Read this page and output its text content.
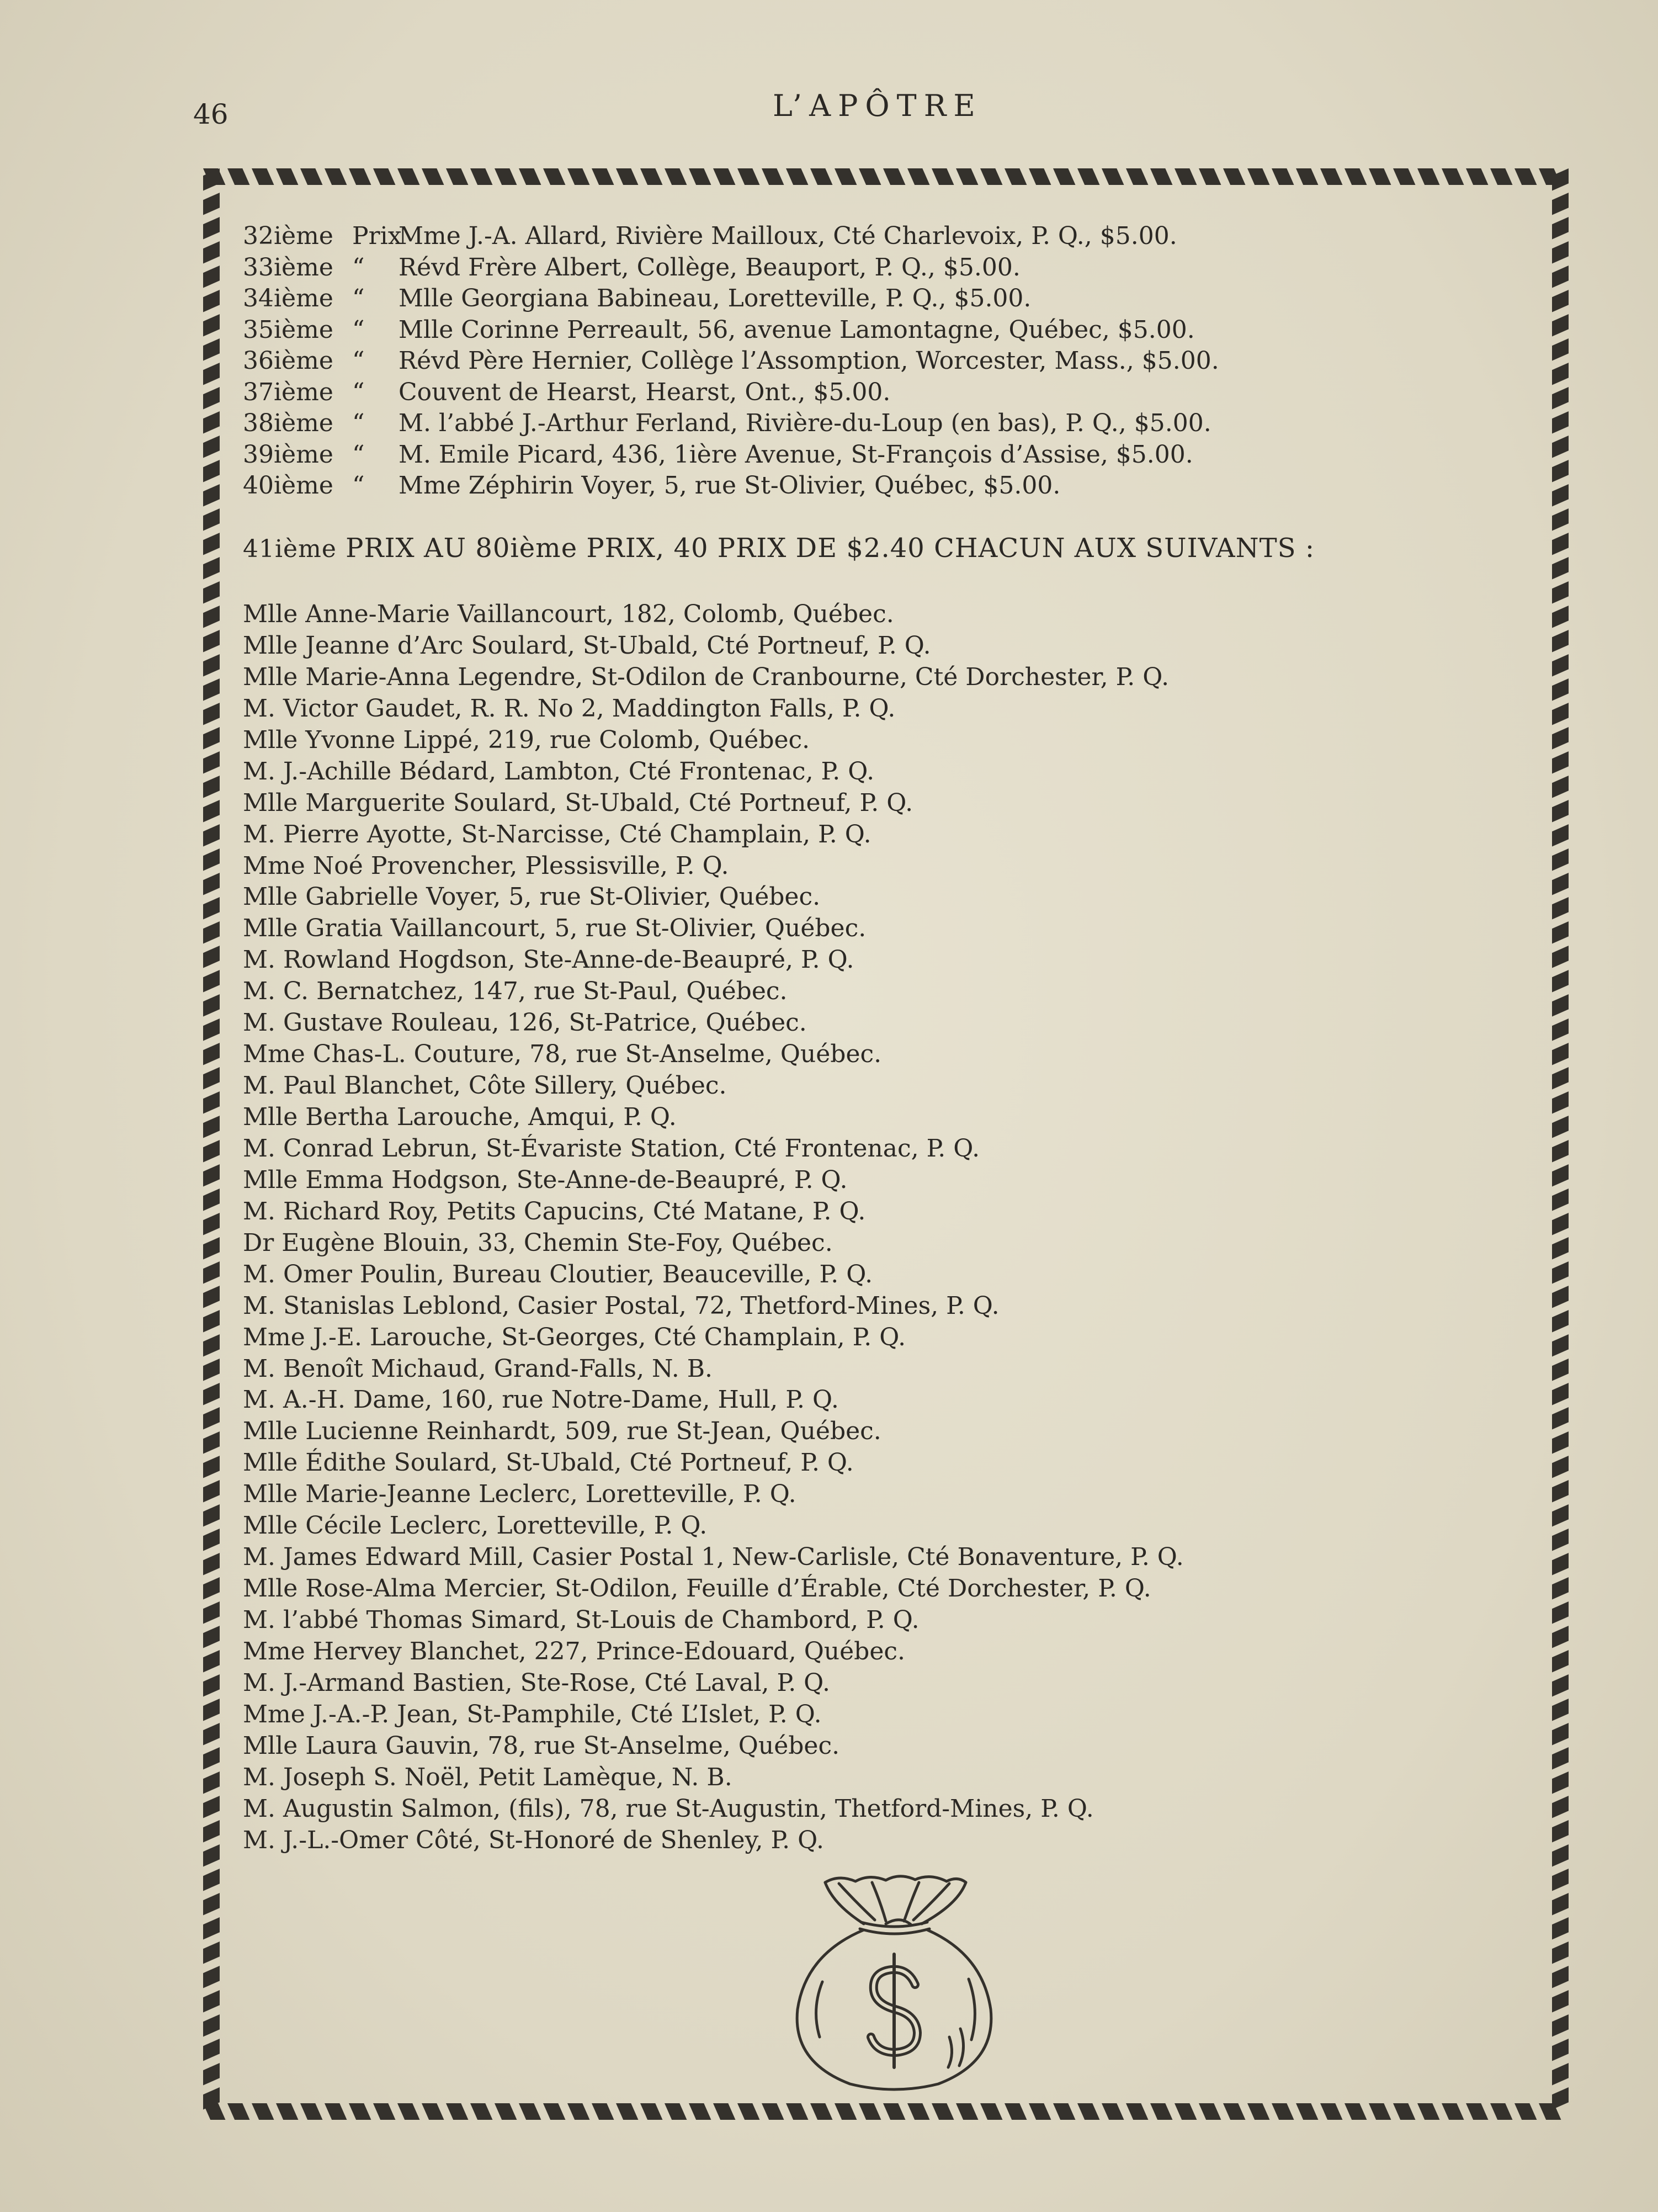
46	L’APÔTRE
32ième Prix
Mme J.-A. Allard, Rivière Mailloux, Cté Charlevoix, P. Q., $5.00.
33ième “ Révd Frère Albert, Collège, Beauport, P. Q., $5.00.
34ième “ Mlle Georgiana Babineau, Loretteville, P. Q., $5.00.
35ième “ Mlle Corinne Perreault, 56, avenue Lamontagne, Québec, $5.00.
36ième “ Révd Père Hernier, Collège l’Assomption, Worcester, Mass., $5.00.
37ième “ Couvent de Hearst, Hearst, Ont., $5.00.
38ième “ M. l’abbé J.-Arthur Ferland, Rivière-du-Loup (en bas), P. Q., $5.00.
39ième “ M. Emile Picard, 436, 1ière Avenue, St-François d’Assise, $5.00.
40ième “ Mme Zéphirin Voyer, 5, rue St-Olivier, Québec, $5.00.
41ième PRIX AU 80ième PRIX, 40 PRIX DE $2.40 CHACUN AUX SUIVANTS :
Mlle Anne-Marie Vaillancourt, 182, Colomb, Québec.
Mlle Jeanne d’Arc Soulard, St-Ubald, Cté Portneuf, P. Q.
Mlle Marie-Anna Legendre, St-Odilon de Cranbourne, Cté Dorchester, P. Q.
M. Victor Gaudet, R. R. No 2, Maddington Falls, P. Q.
Mlle Yvonne Lippé, 219, rue Colomb, Québec.
M. J.-Achille Bédard, Lambton, Cté Frontenac, P. Q.
Mlle Marguerite Soulard, St-Ubald, Cté Portneuf, P. Q.
M. Pierre Ayotte, St-Narcisse, Cté Champlain, P. Q.
Mme Noé Provencher, Plessisville, P. Q.
Mlle Gabrielle Voyer, 5, rue St-Olivier, Québec.
Mlle Gratia Vaillancourt, 5, rue St-Olivier, Québec.
M. Rowland Hogdson, Ste-Anne-de-Beaupré, P. Q.
M. C. Bernatchez, 147, rue St-Paul, Québec.
M. Gustave Rouleau, 126, St-Patrice, Québec.
Mme Chas-L. Couture, 78, rue St-Anselme, Québec.
M. Paul Blanchet, Côte Sillery, Québec.
Mlle Bertha Larouche, Amqui, P. Q.
M. Conrad Lebrun, St-Évariste Station, Cté Frontenac, P. Q.
Mlle Emma Hodgson, Ste-Anne-de-Beaupré, P. Q.
M. Richard Roy, Petits Capucins, Cté Matane, P. Q.
Dr Eugène Blouin, 33, Chemin Ste-Foy, Québec.
M. Omer Poulin, Bureau Cloutier, Beauceville, P. Q.
M. Stanislas Leblond, Casier Postal, 72, Thetford-Mines, P. Q.
Mme J.-E. Larouche, St-Georges, Cté Champlain, P. Q.
M. Benoît Michaud, Grand-Falls, N. B.
M. A.-H. Dame, 160, rue Notre-Dame, Hull, P. Q.
Mlle Lucienne Reinhardt, 509, rue St-Jean, Québec.
Mlle Édithe Soulard, St-Ubald, Cté Portneuf, P. Q.
Mlle Marie-Jeanne Leclerc, Loretteville, P. Q.
Mlle Cécile Leclerc, Loretteville, P. Q.
M. James Edward Mill, Casier Postal 1, New-Carlisle, Cté Bonaventure, P. Q.
Mlle Rose-Alma Mercier, St-Odilon, Feuille d’Érable, Cté Dorchester, P. Q.
M. l’abbé Thomas Simard, St-Louis de Chambord, P. Q.
Mme Hervey Blanchet, 227, Prince-Edouard, Québec.
M. J.-Armand Bastien, Ste-Rose, Cté Laval, P. Q.
Mme J.-A.-P. Jean, St-Pamphile, Cté L’Islet, P. Q.
Mlle Laura Gauvin, 78, rue St-Anselme, Québec.
M. Joseph S. Noël, Petit Lamèque, N. B.
M. Augustin Salmon, (fils), 78, rue St-Augustin, Thetford-Mines, P. Q.
M. J.-L.-Omer Côté, St-Honoré de Shenley, P. Q.
